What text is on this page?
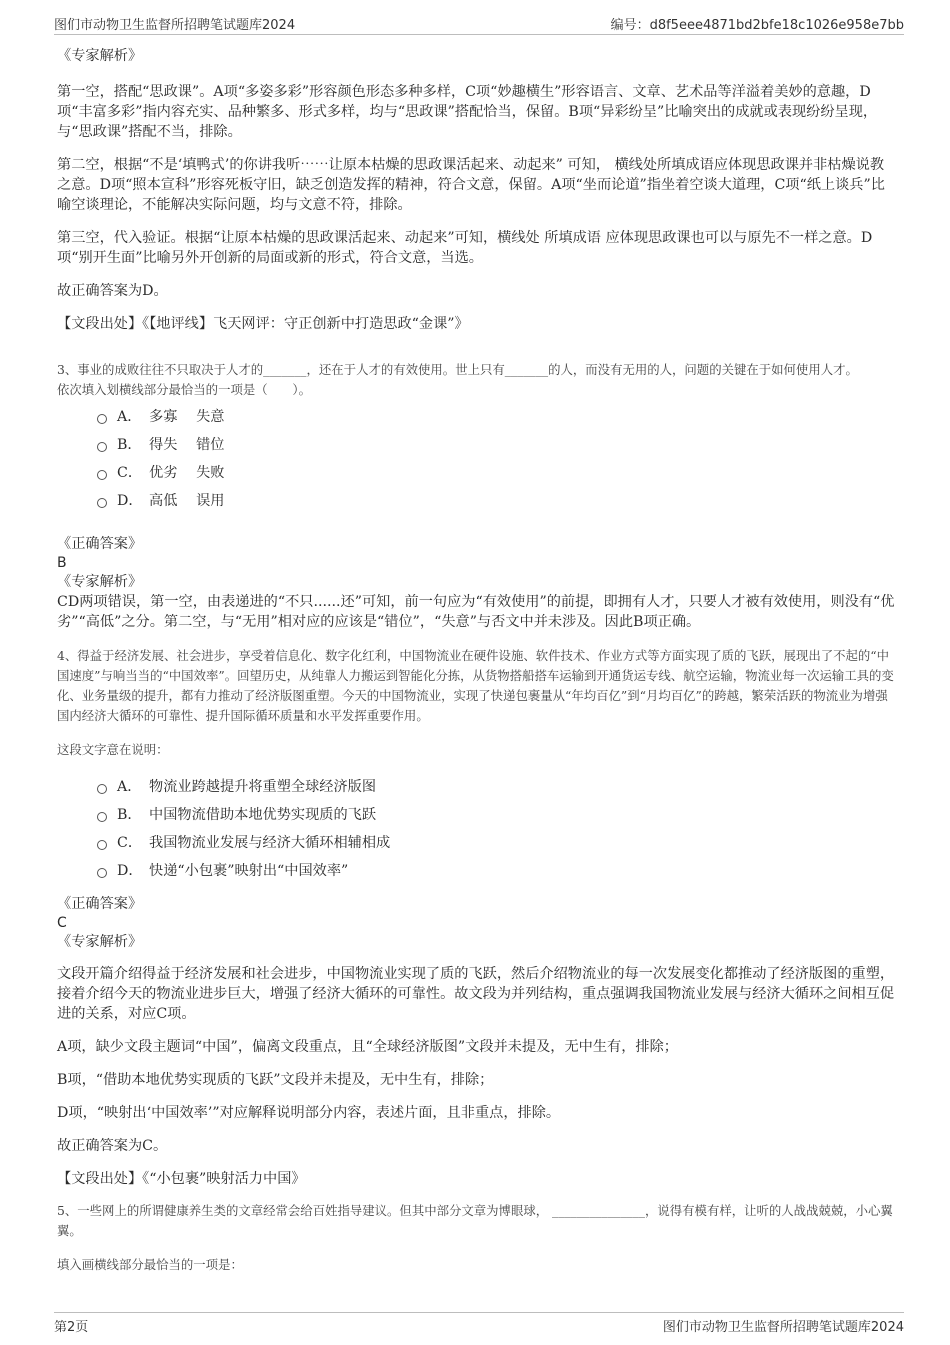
图们市动物卫生监督所招聘笔试题库2024	编号：d8f5eee4871bd2bfe18c1026e958e7bb

《专家解析》

第一空，搭配“思政课”。A项“多姿多彩”形容颜色形态多种多样，C项“妙趣横生”形容语言、文章、艺术品等洋溢着美妙的意趣，D项“丰富多彩”指内容充实、品种繁多、形式多样，均与“思政课”搭配恰当，保留。B项“异彩纷呈”比喻突出的成就或表现纷纷呈现，与“思政课”搭配不当，排除。

第二空，根据“不是‘填鸭式’的你讲我听⋯⋯让原本枯燥的思政课活起来、动起来” 可知， 横线处所填成语应体现思政课并非枯燥说教之意。D项“照本宣科”形容死板守旧，缺乏创造发挥的精神，符合文意，保留。A项“坐而论道”指坐着空谈大道理，C项“纸上谈兵”比喻空谈理论，不能解决实际问题，均与文意不符，排除。

第三空，代入验证。根据“让原本枯燥的思政课活起来、动起来”可知，横线处 所填成语 应体现思政课也可以与原先不一样之意。D项“别开生面”比喻另外开创新的局面或新的形式，符合文意，当选。

故正确答案为D。

【文段出处】《【地评线】飞天网评：守正创新中打造思政“金课”》

3、事业的成败往往不只取决于人才的_______，还在于人才的有效使用。世上只有_______的人，而没有无用的人，问题的关键在于如何使用人才。

依次填入划横线部分最恰当的一项是（　　）。

A． 多寡　 失意
B． 得失　 错位
C． 优劣　 失败
D． 高低　 误用

《正确答案》

B

《专家解析》

CD两项错误，第一空，由表递进的“不只......还”可知，前一句应为“有效使用”的前提，即拥有人才，只要人才被有效使用，则没有“优劣”“高低”之分。第二空，与“无用”相对应的应该是“错位”，“失意”与否文中并未涉及。因此B项正确。

4、得益于经济发展、社会进步，享受着信息化、数字化红利，中国物流业在硬件设施、软件技术、作业方式等方面实现了质的飞跃，展现出了不起的“中国速度”与响当当的“中国效率”。回望历史，从纯靠人力搬运到智能化分拣，从货物搭船搭车运输到开通货运专线、航空运输，物流业每一次运输工具的变化、业务量级的提升，都有力推动了经济版图重塑。今天的中国物流业，实现了快递包裹量从“年均百亿”到“月均百亿”的跨越，繁荣活跃的物流业为增强国内经济大循环的可靠性、提升国际循环质量和水平发挥重要作用。

这段文字意在说明：

A． 物流业跨越提升将重塑全球经济版图
B． 中国物流借助本地优势实现质的飞跃
C． 我国物流业发展与经济大循环相辅相成
D． 快递“小包裹”映射出“中国效率”

《正确答案》

C

《专家解析》

文段开篇介绍得益于经济发展和社会进步，中国物流业实现了质的飞跃，然后介绍物流业的每一次发展变化都推动了经济版图的重塑，接着介绍今天的物流业进步巨大，增强了经济大循环的可靠性。故文段为并列结构，重点强调我国物流业发展与经济大循环之间相互促进的关系，对应C项。

A项，缺少文段主题词“中国”，偏离文段重点，且“全球经济版图”文段并未提及，无中生有，排除；

B项，“借助本地优势实现质的飞跃”文段并未提及，无中生有，排除；

D项，“映射出‘中国效率’”对应解释说明部分内容，表述片面，且非重点，排除。

故正确答案为C。

【文段出处】《“小包裹”映射活力中国》

5、一些网上的所谓健康养生类的文章经常会给百姓指导建议。但其中部分文章为博眼球， _______________，说得有模有样，让听的人战战兢兢，小心翼翼。

填入画横线部分最恰当的一项是：

第2页	图们市动物卫生监督所招聘笔试题库2024
